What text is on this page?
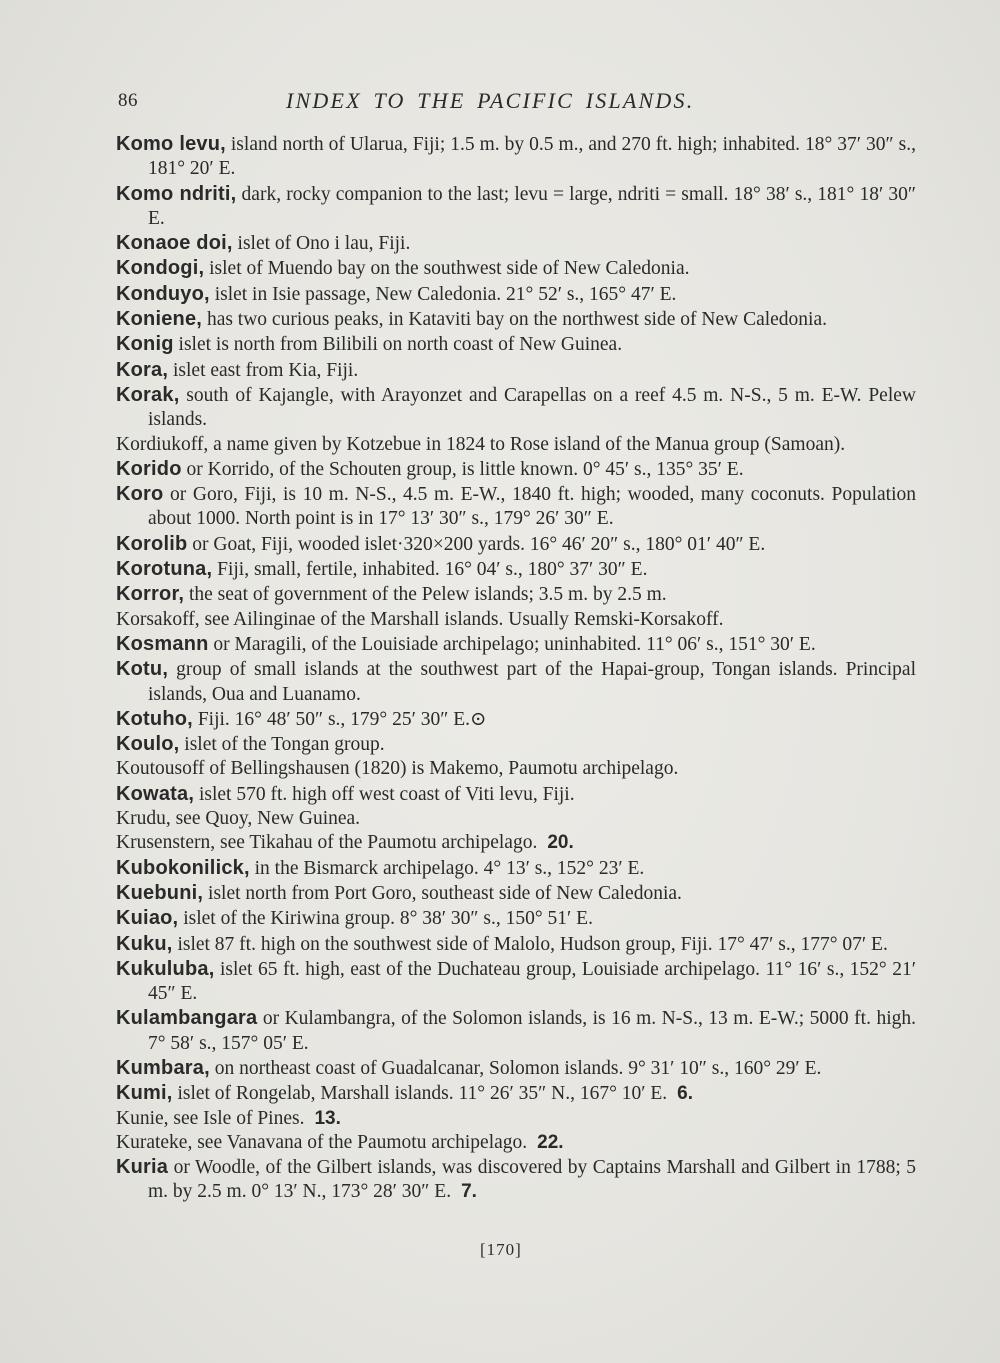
86	INDEX TO THE PACIFIC ISLANDS.

Komo levu, island north of Ularua, Fiji; 1.5 m. by 0.5 m., and 270 ft. high; inhabited. 18° 37′ 30″ s., 181° 20′ E.

Komo ndriti, dark, rocky companion to the last; levu = large, ndriti = small. 18° 38′ s., 181° 18′ 30″ E.

Konaoe doi, islet of Ono i lau, Fiji.

Kondogi, islet of Muendo bay on the southwest side of New Caledonia.

Konduyo, islet in Isie passage, New Caledonia. 21° 52′ s., 165° 47′ E.

Koniene, has two curious peaks, in Kataviti bay on the northwest side of New Caledonia.

Konig islet is north from Bilibili on north coast of New Guinea.

Kora, islet east from Kia, Fiji.

Korak, south of Kajangle, with Arayonzet and Carapellas on a reef 4.5 m. N-S., 5 m. E-W. Pelew islands.

Kordiukoff, a name given by Kotzebue in 1824 to Rose island of the Manua group (Samoan).

Korido or Korrido, of the Schouten group, is little known. 0° 45′ s., 135° 35′ E.

Koro or Goro, Fiji, is 10 m. N-S., 4.5 m. E-W., 1840 ft. high; wooded, many coconuts. Population about 1000. North point is in 17° 13′ 30″ s., 179° 26′ 30″ E.

Korolib or Goat, Fiji, wooded islet·320×200 yards. 16° 46′ 20″ s., 180° 01′ 40″ E.

Korotuna, Fiji, small, fertile, inhabited. 16° 04′ s., 180° 37′ 30″ E.

Korror, the seat of government of the Pelew islands; 3.5 m. by 2.5 m.

Korsakoff, see Ailinginae of the Marshall islands. Usually Remski-Korsakoff.

Kosmann or Maragili, of the Louisiade archipelago; uninhabited. 11° 06′ s., 151° 30′ E.

Kotu, group of small islands at the southwest part of the Hapai-group, Tongan islands. Principal islands, Oua and Luanamo.

Kotuho, Fiji. 16° 48′ 50″ s., 179° 25′ 30″ E.⊙

Koulo, islet of the Tongan group.

Koutousoff of Bellingshausen (1820) is Makemo, Paumotu archipelago.

Kowata, islet 570 ft. high off west coast of Viti levu, Fiji.

Krudu, see Quoy, New Guinea.

Krusenstern, see Tikahau of the Paumotu archipelago. 20.

Kubokonilick, in the Bismarck archipelago. 4° 13′ s., 152° 23′ E.

Kuebuni, islet north from Port Goro, southeast side of New Caledonia.

Kuiao, islet of the Kiriwina group. 8° 38′ 30″ s., 150° 51′ E.

Kuku, islet 87 ft. high on the southwest side of Malolo, Hudson group, Fiji. 17° 47′ s., 177° 07′ E.

Kukuluba, islet 65 ft. high, east of the Duchateau group, Louisiade archipelago. 11° 16′ s., 152° 21′ 45″ E.

Kulambangara or Kulambangra, of the Solomon islands, is 16 m. N-S., 13 m. E-W.; 5000 ft. high. 7° 58′ s., 157° 05′ E.

Kumbara, on northeast coast of Guadalcanar, Solomon islands. 9° 31′ 10″ s., 160° 29′ E.

Kumi, islet of Rongelab, Marshall islands. 11° 26′ 35″ N., 167° 10′ E. 6.

Kunie, see Isle of Pines. 13.

Kurateke, see Vanavana of the Paumotu archipelago. 22.

Kuria or Woodle, of the Gilbert islands, was discovered by Captains Marshall and Gilbert in 1788; 5 m. by 2.5 m. 0° 13′ N., 173° 28′ 30″ E. 7.

[170]
